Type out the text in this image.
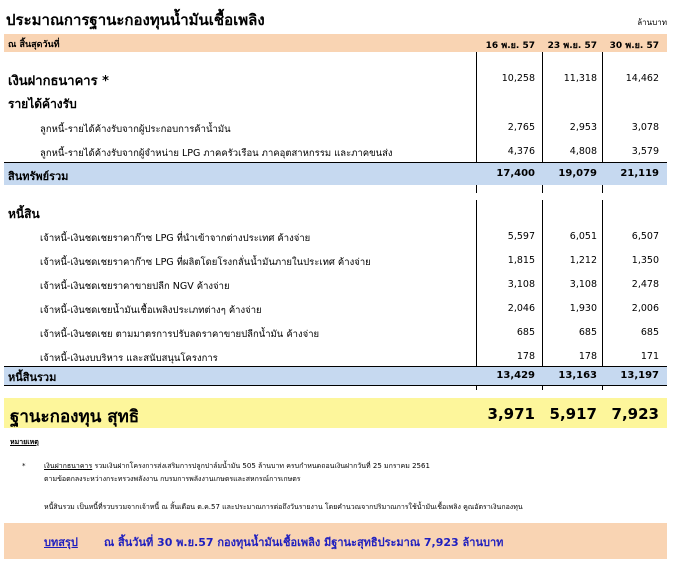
ประมาณการฐานะกองทุนน้ำมันเชื้อเพลิง	ล้านบาท
ณ สิ้นสุดวันที่	16 พ.ย. 57	23 พ.ย. 57	30 พ.ย. 57
เงินฝากธนาคาร *	10,258	11,318	14,462
รายได้ค้างรับ
ลูกหนี้-รายได้ค้างรับจากผู้ประกอบการค้าน้ำมัน	2,765	2,953	3,078
ลูกหนี้-รายได้ค้างรับจากผู้จำหน่าย LPG ภาคครัวเรือน ภาคอุตสาหกรรม และภาคขนส่ง	4,376	4,808	3,579
สินทรัพย์รวม	17,400	19,079	21,119
หนี้สิน
เจ้าหนี้-เงินชดเชยราคาก๊าซ LPG ที่นำเข้าจากต่างประเทศ ค้างจ่าย	5,597	6,051	6,507
เจ้าหนี้-เงินชดเชยราคาก๊าซ LPG ที่ผลิตโดยโรงกลั่นน้ำมันภายในประเทศ ค้างจ่าย	1,815	1,212	1,350
เจ้าหนี้-เงินชดเชยราคาขายปลีก NGV ค้างจ่าย	3,108	3,108	2,478
เจ้าหนี้-เงินชดเชยน้ำมันเชื้อเพลิงประเภทต่างๆ ค้างจ่าย	2,046	1,930	2,006
เจ้าหนี้-เงินชดเชย ตามมาตรการปรับลดราคาขายปลีกน้ำมัน ค้างจ่าย	685	685	685
เจ้าหนี้-เงินงบบริหาร และสนับสนุนโครงการ	178	178	171
หนี้สินรวม	13,429	13,163	13,197
ฐานะกองทุน สุทธิ	3,971 5,917 7,923
หมายเหตุ
*	เงินฝากธนาคาร รวมเงินฝากโครงการส่งเสริมการปลูกปาล์มน้ำมัน 505 ล้านบาท ครบกำหนดถอนเงินฝากวันที่ 25 มกราคม 2561
ตามข้อตกลงระหว่างกระทรวงพลังงาน กบรมการพลังงานเกษตรและสหกรณ์การเกษตร
หนี้สินรวม เป็นหนี้ที่รวบรวมจากเจ้าหนี้ ณ สิ้นเดือน ต.ค.57 และประมาณการต่อถึงวันรายงาน โดยคำนวณจากปริมาณการใช้น้ำมันเชื้อเพลิง คูณอัตราเงินกองทุน
บทสรุป ณ สิ้นวันที่ 30 พ.ย.57 กองทุนน้ำมันเชื้อเพลิง มีฐานะสุทธิประมาณ 7,923 ล้านบาท
